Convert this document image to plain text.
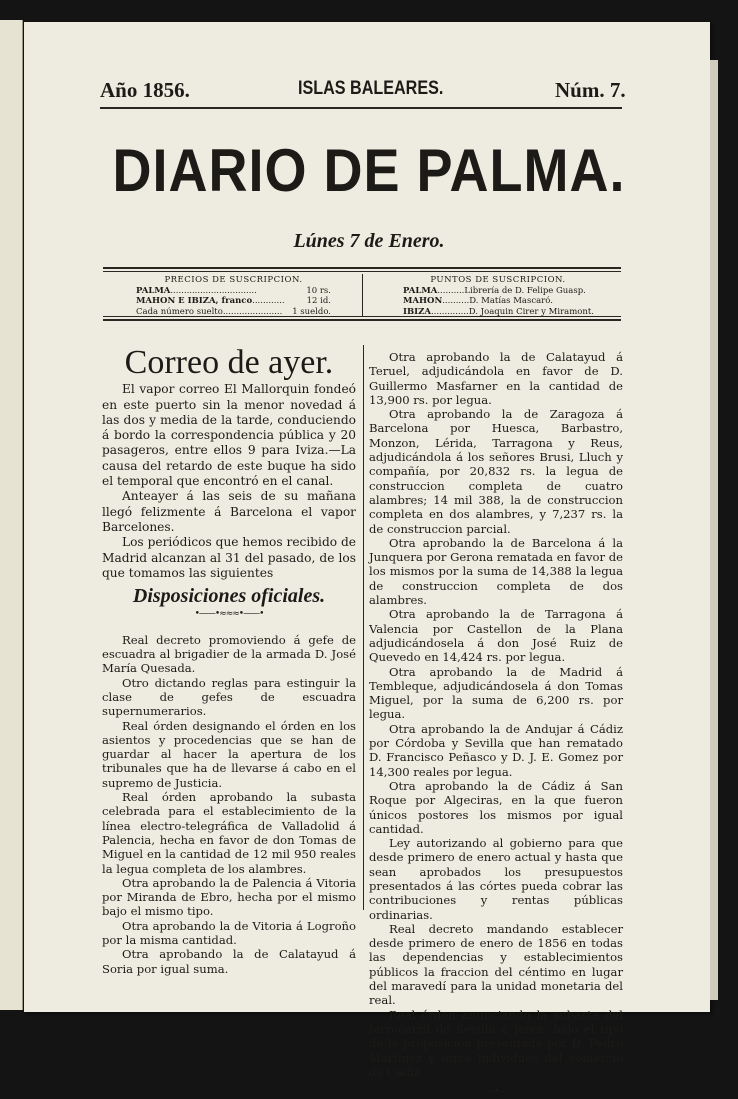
Año 1856.	ISLAS BALEARES.	Núm. 7.
DIARIO DE PALMA.
Lúnes 7 de Enero.
PRECIOS DE SUSCRIPCION.
PALMA ................................	10 rs.
MAHON E IBIZA, franco ............	12 id.
Cada número suelto ......................	1 sueldo.
PUNTOS DE SUSCRIPCION.
PALMA .......... Librería de D. Felipe Guasp.
MAHON .......... D. Matías Mascaró.
IBIZA .............. D. Joaquin Cirer y Miramont.
Correo de ayer.

El vapor correo El Mallorquin fondeó en este puerto sin la menor novedad á las dos y media de la tarde, conduciendo á bordo la correspondencia pública y 20 pasageros, entre ellos 9 para Iviza.—La causa del retardo de este buque ha sido el temporal que encontró en el canal.

Anteayer á las seis de su mañana llegó felizmente á Barcelona el vapor Barcelones.

Los periódicos que hemos recibido de Madrid alcanzan al 31 del pasado, de los que tomamos las siguientes

Disposiciones oficiales.
•——•≈≈≈•——•

Real decreto promoviendo á gefe de escuadra al brigadier de la armada D. José María Quesada.

Otro dictando reglas para estinguir la clase de gefes de escuadra supernumerarios.

Real órden designando el órden en los asientos y procedencias que se han de guardar al hacer la apertura de los tribunales que ha de llevarse á cabo en el supremo de Justicia.

Real órden aprobando la subasta celebrada para el establecimiento de la línea electro-telegráfica de Valladolid á Palencia, hecha en favor de don Tomas de Miguel en la cantidad de 12 mil 950 reales la legua completa de los alambres.

Otra aprobando la de Palencia á Vitoria por Miranda de Ebro, hecha por el mismo bajo el mismo tipo.

Otra aprobando la de Vitoria á Logroño por la misma cantidad.

Otra aprobando la de Calatayud á Soria por igual suma.

Otra aprobando la de Calatayud á Teruel, adjudicándola en favor de D. Guillermo Masfarner en la cantidad de 13,900 rs. por legua.

Otra aprobando la de Zaragoza á Barcelona por Huesca, Barbastro, Monzon, Lérida, Tarragona y Reus, adjudicándola á los señores Brusi, Lluch y compañía, por 20,832 rs. la legua de construccion completa de cuatro alambres; 14 mil 388, la de construccion completa en dos alambres, y 7,237 rs. la de construccion parcial.

Otra aprobando la de Barcelona á la Junquera por Gerona rematada en favor de los mismos por la suma de 14,388 la legua de construccion completa de dos alambres.

Otra aprobando la de Tarragona á Valencia por Castellon de la Plana adjudicándosela á don José Ruiz de Quevedo en 14,424 rs. por legua.

Otra aprobando la de Madrid á Tembleque, adjudicándosela á don Tomas Miguel, por la suma de 6,200 rs. por legua.

Otra aprobando la de Andujar á Cádiz por Córdoba y Sevilla que han rematado D. Francisco Peñasco y D. J. E. Gomez por 14,300 reales por legua.

Otra aprobando la de Cádiz á San Roque por Algeciras, en la que fueron únicos postores los mismos por igual cantidad.

Ley autorizando al gobierno para que desde primero de enero actual y hasta que sean aprobados los presupuestos presentados á las córtes pueda cobrar las contribuciones y rentas públicas ordinarias.

Real decreto mandando establecer desde primero de enero de 1856 en todas las dependencias y establecimientos públicos la fraccion del céntimo en lugar del maravedí para la unidad monetaria del real.

Real órden anunciando la subasta del ferrocarril de Sevilla á Jerez, bajo el tipo de la proposicion presentada por D. Pedro Martinez y otros individuos del comercio de Cádiz.

—•—
